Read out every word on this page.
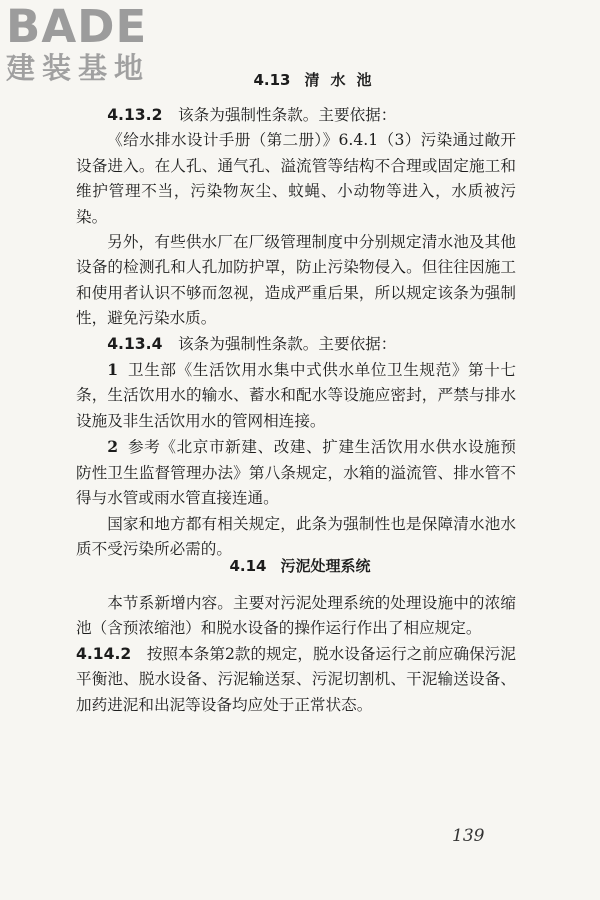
B A D E
建装基地	4.13 清水池

4.13.2 该条为强制性条款。主要依据：

《给水排水设计手册（第二册）》6.4.1（3）污染通过敞开设备进入。在人孔、通气孔、溢流管等结构不合理或固定施工和维护管理不当，污染物灰尘、蚊蝇、小动物等进入，水质被污染。

另外，有些供水厂在厂级管理制度中分别规定清水池及其他设备的检测孔和人孔加防护罩，防止污染物侵入。但往往因施工和使用者认识不够而忽视，造成严重后果，所以规定该条为强制性，避免污染水质。

4.13.4 该条为强制性条款。主要依据：

1 卫生部《生活饮用水集中式供水单位卫生规范》第十七条，生活饮用水的输水、蓄水和配水等设施应密封，严禁与排水设施及非生活饮用水的管网相连接。

2 参考《北京市新建、改建、扩建生活饮用水供水设施预防性卫生监督管理办法》第八条规定，水箱的溢流管、排水管不得与水管或雨水管直接连通。

国家和地方都有相关规定，此条为强制性也是保障清水池水质不受污染所必需的。

4.14 污泥处理系统

本节系新增内容。主要对污泥处理系统的处理设施中的浓缩池（含预浓缩池）和脱水设备的操作运行作出了相应规定。

4.14.2 按照本条第2款的规定，脱水设备运行之前应确保污泥平衡池、脱水设备、污泥输送泵、污泥切割机、干泥输送设备、加药进泥和出泥等设备均应处于正常状态。

139
